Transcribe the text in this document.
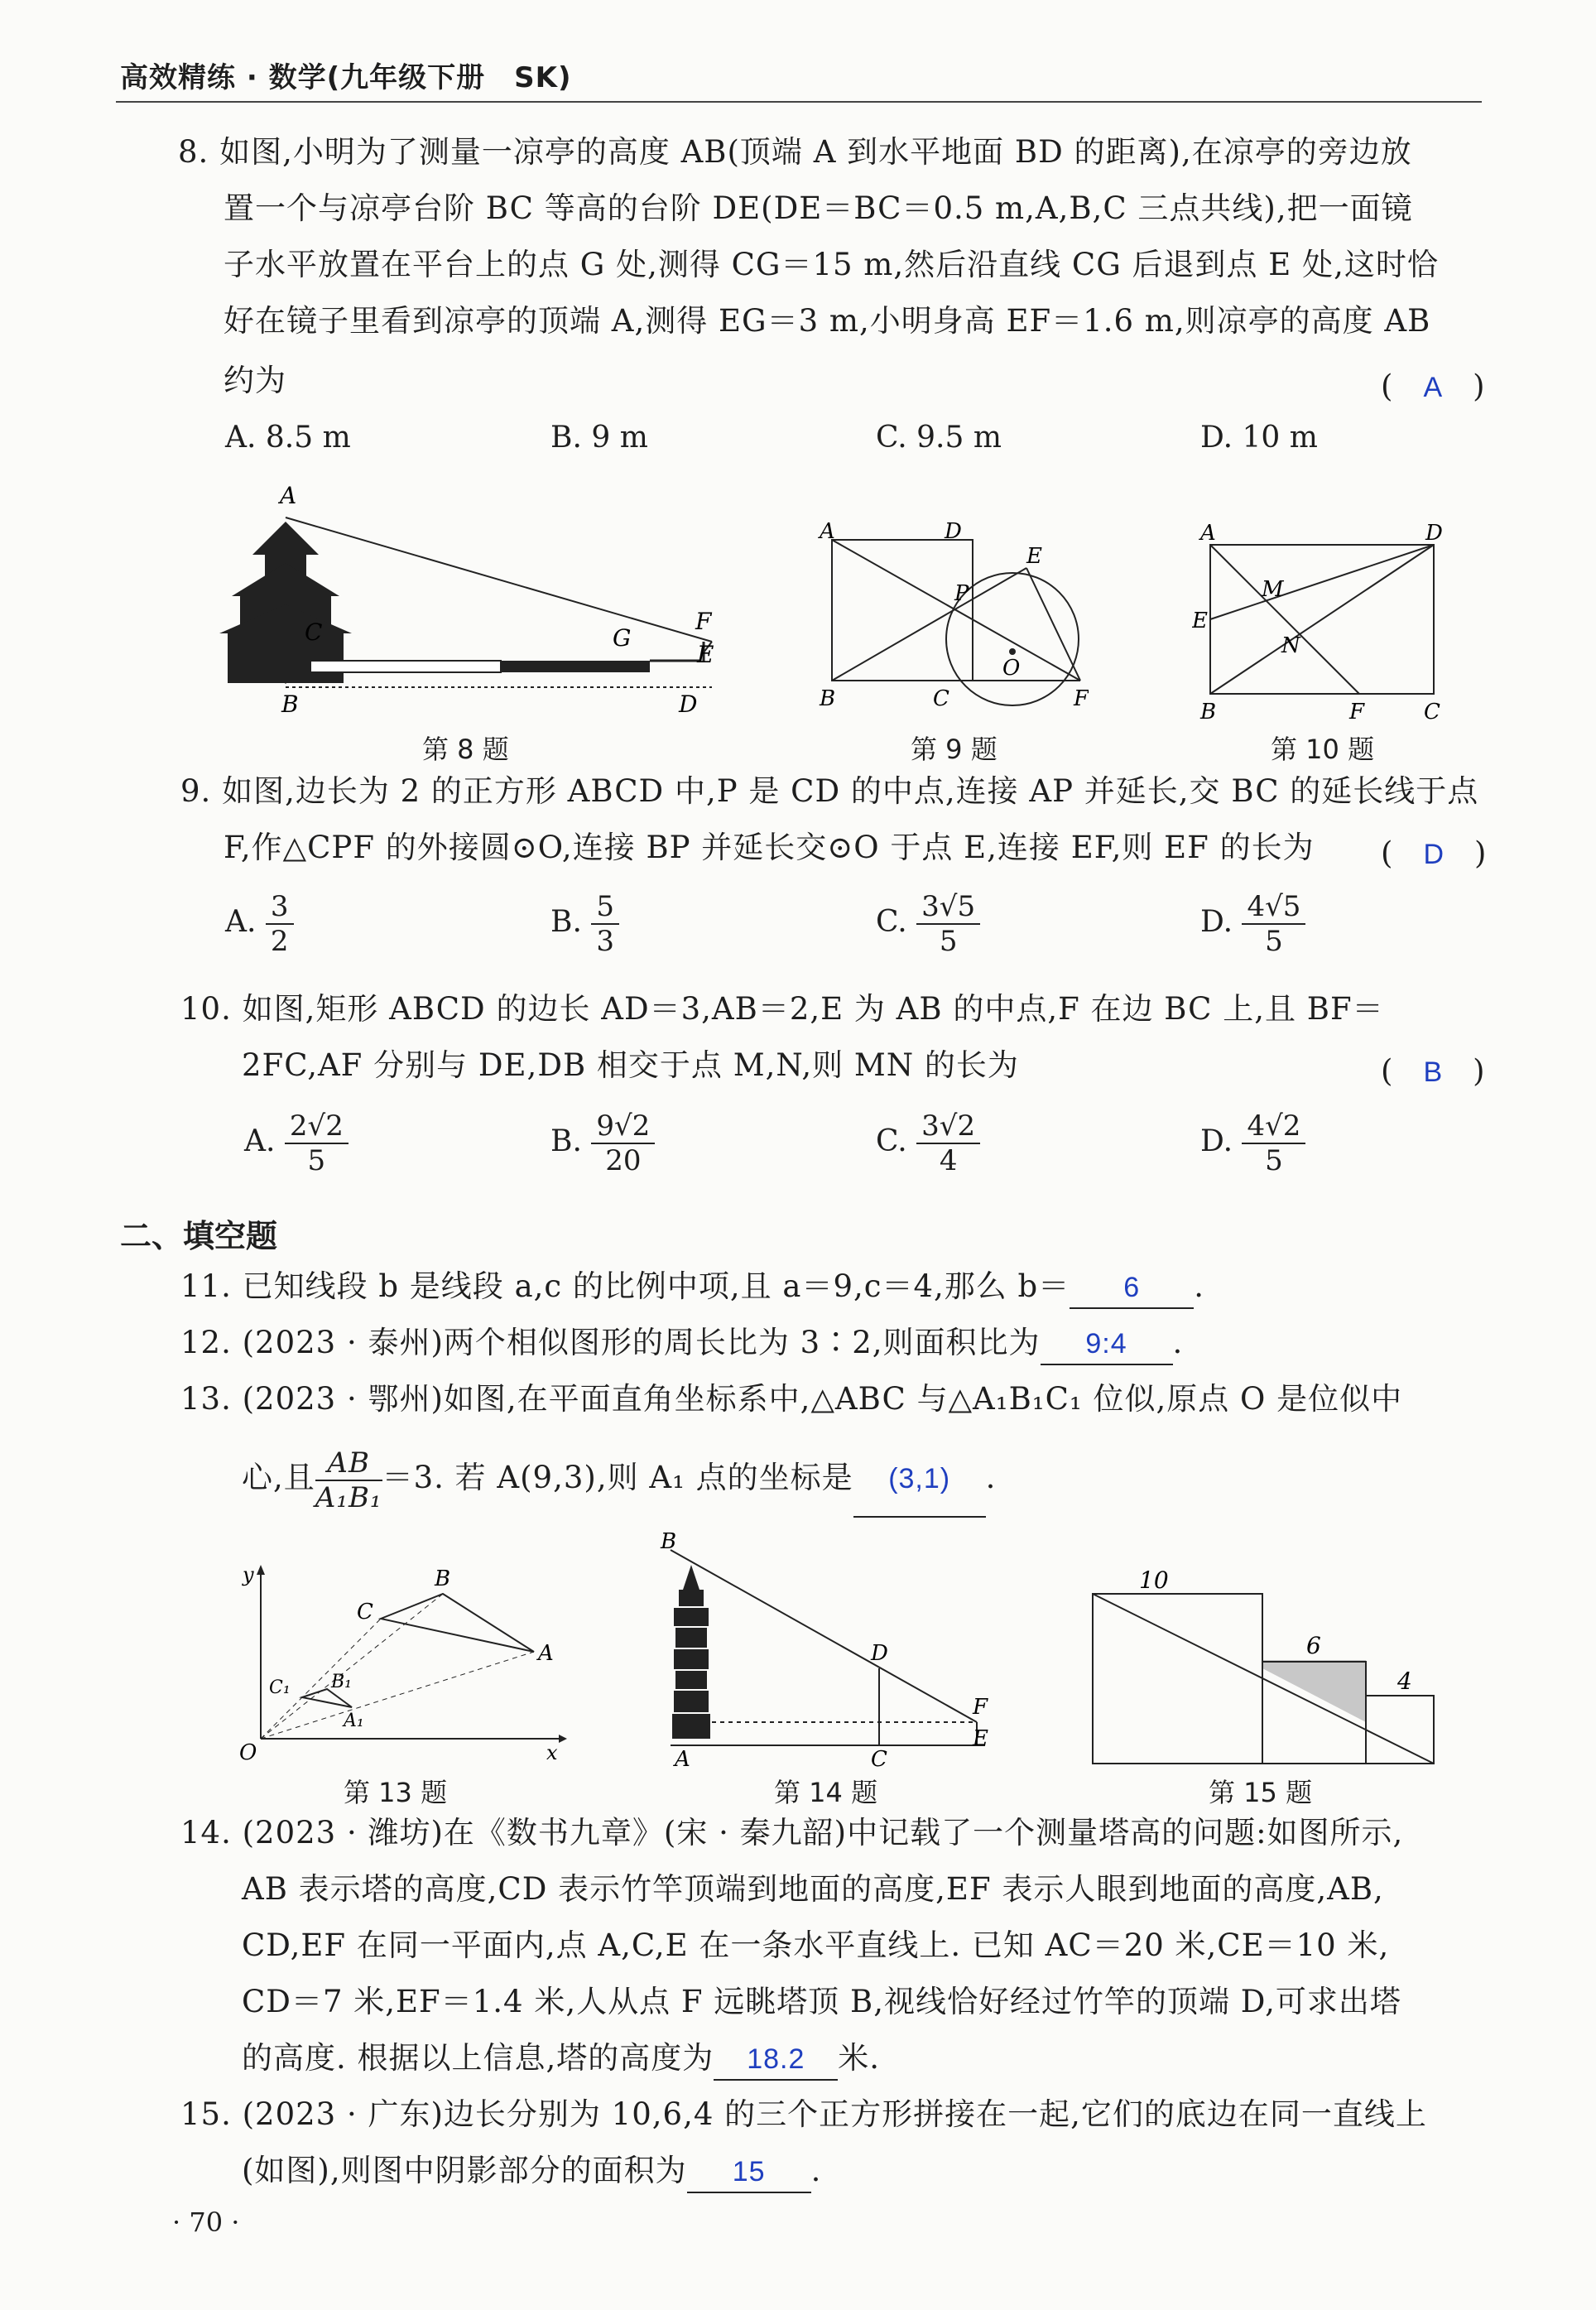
高效精练 · 数学(九年级下册　SK)
8. 如图,小明为了测量一凉亭的高度 AB(顶端 A 到水平地面 BD 的距离),在凉亭的旁边放
置一个与凉亭台阶 BC 等高的台阶 DE(DE＝BC＝0.5 m,A,B,C 三点共线),把一面镜
子水平放置在平台上的点 G 处,测得 CG＝15 m,然后沿直线 CG 后退到点 E 处,这时恰
好在镜子里看到凉亭的顶端 A,测得 EG＝3 m,小明身高 EF＝1.6 m,则凉亭的高度 AB
约为	(　A　)
A. 8.5 m	B. 9 m	C. 9.5 m	D. 10 m
A
C
B
G
F
E
D
A	D
E
P
O
B	C	F
A	D
M
E
N
B	F	C
第 8 题	第 9 题	第 10 题
9. 如图,边长为 2 的正方形 ABCD 中,P 是 CD 的中点,连接 AP 并延长,交 BC 的延长线于点
F,作△CPF 的外接圆⊙O,连接 BP 并延长交⊙O 于点 E,连接 EF,则 EF 的长为 (　D　)
A. $\frac{3}{2}$	B. $\frac{5}{3}$	C. $\frac{3√5}{5}$	D. $\frac{4√5}{5}$
10. 如图,矩形 ABCD 的边长 AD＝3,AB＝2,E 为 AB 的中点,F 在边 BC 上,且 BF＝
2FC,AF 分别与 DE,DB 相交于点 M,N,则 MN 的长为	(　B　)
A. $\frac{2√2}{5}$	B. $\frac{9√2}{20}$	C. $\frac{3√2}{4}$	D. $\frac{4√2}{5}$
二、填空题
11. 已知线段 b 是线段 a,c 的比例中项,且 a＝9,c＝4,那么 b＝ 6 .
12. (2023 · 泰州)两个相似图形的周长比为 3∶2,则面积比为 9:4 .
13. (2023 · 鄂州)如图,在平面直角坐标系中,△ABC 与△A₁B₁C₁ 位似,原点 O 是位似中
心,且 $\frac{AB}{\text{A₁B₁}} =3$. 若 A(9,3),则 A₁ 点的坐标是 (3,1) .
y	B
C
A
C₁ B₁
A₁
O	x
B
D
F
E
A	C
10
6
4
第 13 题	第 14 题	第 15 题
14. (2023 · 潍坊)在《数书九章》(宋 · 秦九韶)中记载了一个测量塔高的问题:如图所示,
AB 表示塔的高度,CD 表示竹竿顶端到地面的高度,EF 表示人眼到地面的高度,AB,
CD,EF 在同一平面内,点 A,C,E 在一条水平直线上. 已知 AC＝20 米,CE＝10 米,
CD＝7 米,EF＝1.4 米,人从点 F 远眺塔顶 B,视线恰好经过竹竿的顶端 D,可求出塔
的高度. 根据以上信息,塔的高度为 18.2 米.
15. (2023 · 广东)边长分别为 10,6,4 的三个正方形拼接在一起,它们的底边在同一直线上
(如图),则图中阴影部分的面积为 15 .
· 70 ·
